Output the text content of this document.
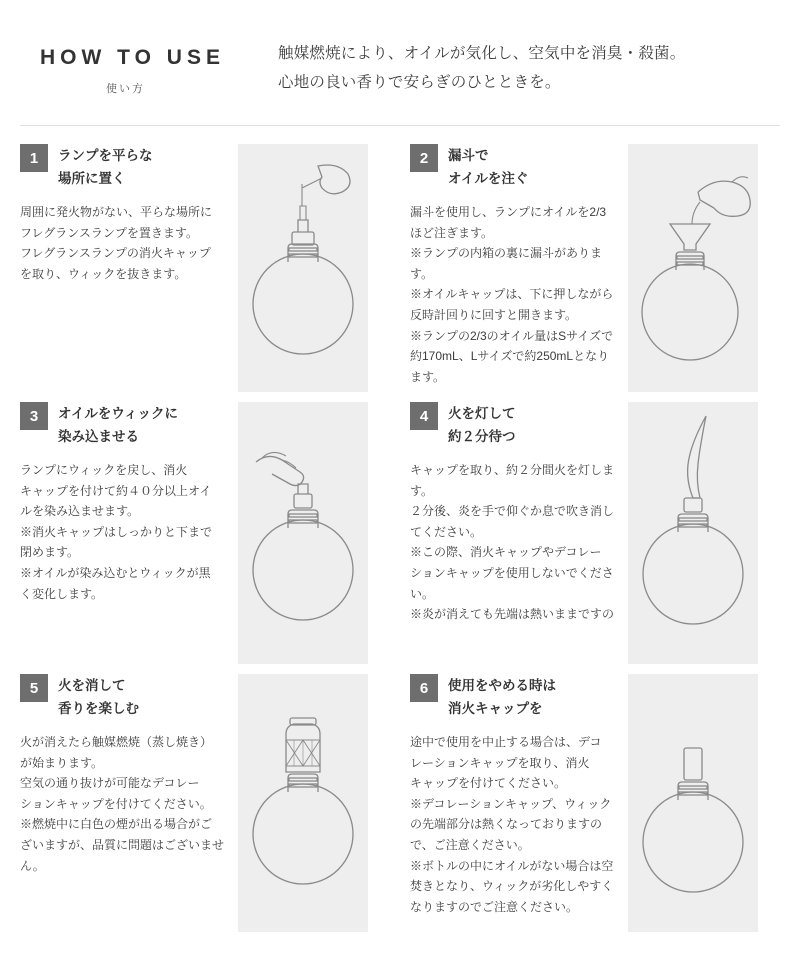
HOW TO USE
使い方
触媒燃焼により、オイルが気化し、空気中を消臭・殺菌。
心地の良い香りで安らぎのひとときを。
1	ランプを平らな
場所に置く
周囲に発火物がない、平らな場所に
フレグランスランプを置きます。
フレグランスランプの消火キャップ
を取り、ウィックを抜きます。
2	漏斗で
オイルを注ぐ
漏斗を使用し、ランプにオイルを2/3
ほど注ぎます。
※ランプの内箱の裏に漏斗がありま
す。
※オイルキャップは、下に押しながら
反時計回りに回すと開きます。
※ランプの2/3のオイル量はSサイズで
約170mL、Lサイズで約250mLとなり
ます。
3	オイルをウィックに
染み込ませる
ランプにウィックを戻し、消火
キャップを付けて約４０分以上オイ
ルを染み込ませます。
※消火キャップはしっかりと下まで
閉めます。
※オイルが染み込むとウィックが黒
く変化します。
4	火を灯して
約２分待つ
キャップを取り、約２分間火を灯しま
す。
２分後、炎を手で仰ぐか息で吹き消し
てください。
※この際、消火キャップやデコレー
ションキャップを使用しないでくださ
い。
※炎が消えても先端は熱いままですの
5	火を消して
香りを楽しむ
火が消えたら触媒燃焼（蒸し焼き）
が始まります。
空気の通り抜けが可能なデコレー
ションキャップを付けてください。
※燃焼中に白色の煙が出る場合がご
ざいますが、品質に問題はございませ
ん。
6	使用をやめる時は
消火キャップを
途中で使用を中止する場合は、デコ
レーションキャップを取り、消火
キャップを付けてください。
※デコレーションキャップ、ウィック
の先端部分は熱くなっておりますの
で、ご注意ください。
※ボトルの中にオイルがない場合は空
焚きとなり、ウィックが劣化しやすく
なりますのでご注意ください。
